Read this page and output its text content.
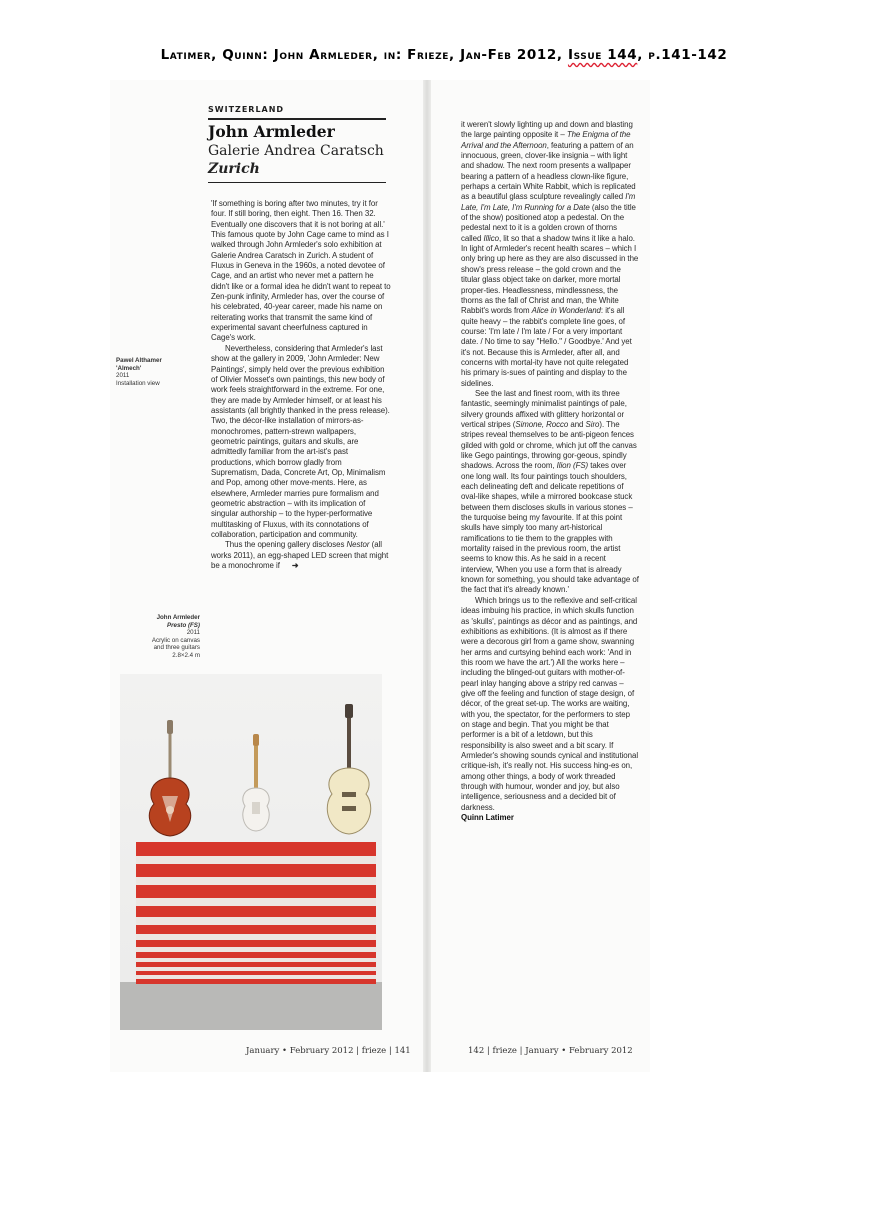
Latimer, Quinn: John Armleder, in: Frieze, Jan-Feb 2012, Issue 144, p.141-142
SWITZERLAND
John Armleder
Galerie Andrea Caratsch
Zurich

'If something is boring after two minutes, try it for four. If still boring, then eight. Then 16. Then 32. Eventually one discovers that it is not boring at all.' This famous quote by John Cage came to mind as I walked through John Armleder's solo exhibition at Galerie Andrea Caratsch in Zurich. A student of Fluxus in Geneva in the 1960s, a noted devotee of Cage, and an artist who never met a pattern he didn't like or a formal idea he didn't want to repeat to Zen-punk infinity, Armleder has, over the course of his celebrated, 40-year career, made his name on reiterating works that transmit the same kind of experimental savant cheerfulness captured in Cage's work.

Nevertheless, considering that Armleder's last show at the gallery in 2009, 'John Armleder: New Paintings', simply held over the previous exhibition of Olivier Mosset's own paintings, this new body of work feels straightforward in the extreme. For one, they are made by Armleder himself, or at least his assistants (all brightly thanked in the press release). Two, the décor-like installation of mirrors-as-monochromes, pattern-strewn wallpapers, geometric paintings, guitars and skulls, are admittedly familiar from the art-ist's past productions, which borrow gladly from Suprematism, Dada, Concrete Art, Op, Minimalism and Pop, among other move-ments. Here, as elsewhere, Armleder marries pure formalism and geometric abstraction – with its implication of singular authorship – to the hyper-performative multitasking of Fluxus, with its connotations of collaboration, participation and community.

Thus the opening gallery discloses Nestor (all works 2011), an egg-shaped LED screen that might be a monochrome if ➜

it weren't slowly lighting up and down and blasting the large painting opposite it – The Enigma of the Arrival and the Afternoon, featuring a pattern of an innocuous, green, clover-like insignia – with light and shadow. The next room presents a wallpaper bearing a pattern of a headless clown-like figure, perhaps a certain White Rabbit, which is replicated as a beautiful glass sculpture revealingly called I'm Late, I'm Late, I'm Running for a Date (also the title of the show) positioned atop a pedestal. On the pedestal next to it is a golden crown of thorns called Illico, lit so that a shadow twins it like a halo. In light of Armleder's recent health scares – which I only bring up here as they are also discussed in the show's press release – the gold crown and the titular glass object take on darker, more mortal proper-ties. Headlessness, mindlessness, the thorns as the fall of Christ and man, the White Rabbit's words from Alice in Wonderland: it's all quite heavy – the rabbit's complete line goes, of course: 'I'm late / I'm late / For a very important date. / No time to say "Hello." / Goodbye.' And yet it's not. Because this is Armleder, after all, and concerns with mortal-ity have not quite relegated his primary is-sues of painting and display to the sidelines.

See the last and finest room, with its three fantastic, seemingly minimalist paintings of pale, silvery grounds affixed with glittery horizontal or vertical stripes (Simone, Rocco and Siro). The stripes reveal themselves to be anti-pigeon fences gilded with gold or chrome, which jut off the canvas like Gego paintings, throwing gor-geous, spindly shadows. Across the room, Ilion (FS) takes over one long wall. Its four paintings touch shoulders, each delineating deft and delicate repetitions of oval-like shapes, while a mirrored bookcase stuck between them discloses skulls in various stones – the turquoise being my favourite. If at this point skulls have simply too many art-historical ramifications to tie them to the grapples with mortality raised in the previous room, the artist seems to know this. As he said in a recent interview, 'When you use a form that is already known for something, you should take advantage of the fact that it's already known.'

Which brings us to the reflexive and self-critical ideas imbuing his practice, in which skulls function as 'skulls', paintings as décor and as paintings, and exhibitions as exhibitions. (It is almost as if there were a decorous girl from a game show, swanning her arms and curtsying behind each work: 'And in this room we have the art.') All the works here – including the blinged-out guitars with mother-of-pearl inlay hanging above a stripy red canvas – give off the feeling and function of stage design, of décor, of the great set-up. The works are waiting, with you, the spectator, for the performers to step on stage and begin. That you might be that performer is a bit of a letdown, but this responsibility is also sweet and a bit scary. If Armleder's showing sounds cynical and institutional critique-ish, it's really not. His success hing-es on, among other things, a body of work threaded through with humour, wonder and joy, but also intelligence, seriousness and a decided bit of darkness.

Quinn Latimer

Pawel Althamer
'Almech'
2011
Installation view
John Armleder
Presto (FS)
2011
Acrylic on canvas
and three guitars
2.8×2.4 m
January • February 2012 | frieze | 141	142 | frieze | January • February 2012
